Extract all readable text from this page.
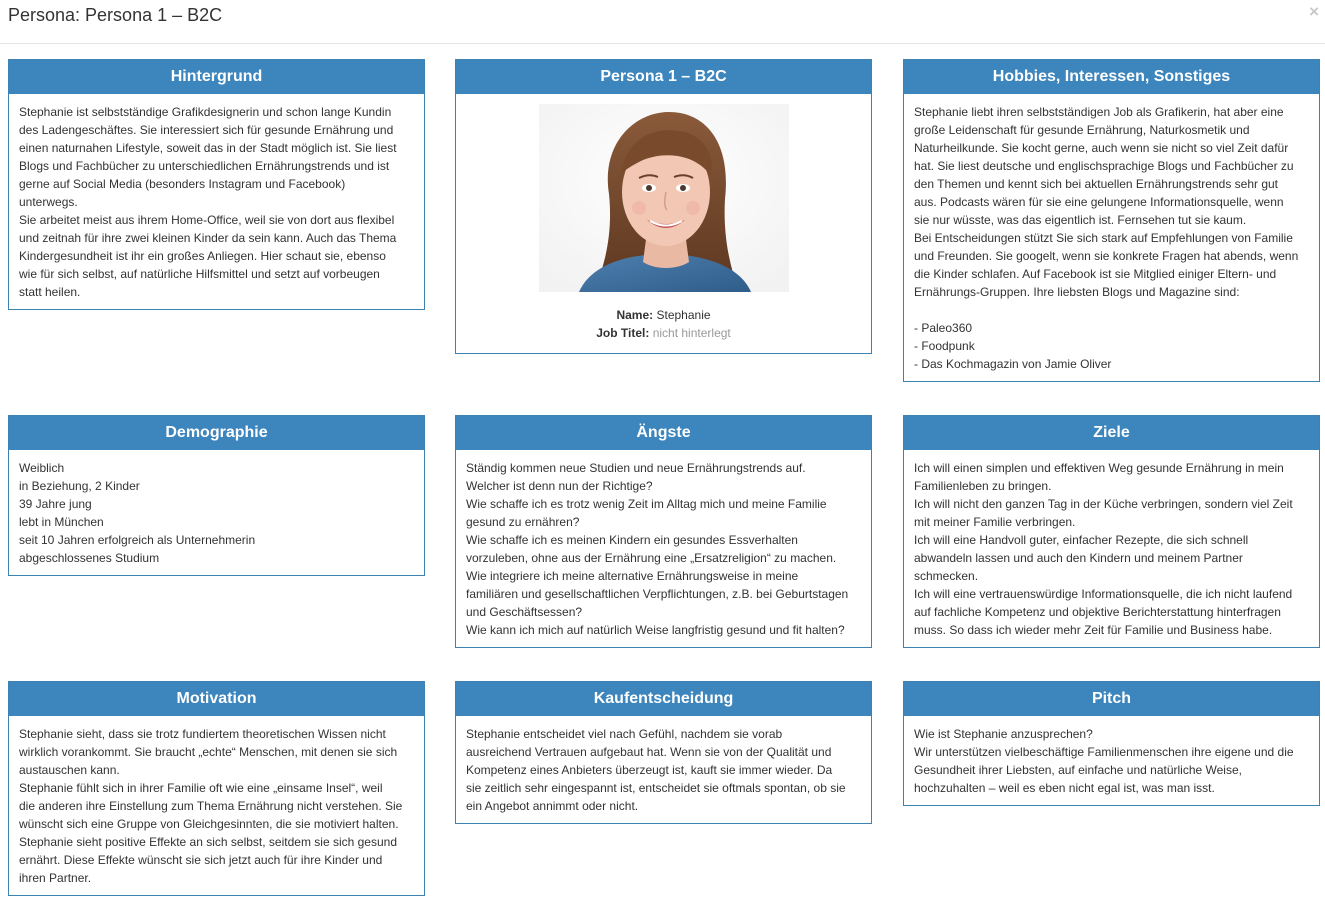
Persona: Persona 1 – B2C	×
Hintergrund
Stephanie ist selbstständige Grafikdesignerin und schon lange Kundin
des Ladengeschäftes. Sie interessiert sich für gesunde Ernährung und
einen naturnahen Lifestyle, soweit das in der Stadt möglich ist. Sie liest
Blogs und Fachbücher zu unterschiedlichen Ernährungstrends und ist
gerne auf Social Media (besonders Instagram und Facebook)
unterwegs.
Sie arbeitet meist aus ihrem Home-Office, weil sie von dort aus flexibel
und zeitnah für ihre zwei kleinen Kinder da sein kann. Auch das Thema
Kindergesundheit ist ihr ein großes Anliegen. Hier schaut sie, ebenso
wie für sich selbst, auf natürliche Hilfsmittel und setzt auf vorbeugen
statt heilen.
Persona 1 – B2C
Name: Stephanie
Job Titel: nicht hinterlegt
Hobbies, Interessen, Sonstiges
Stephanie liebt ihren selbstständigen Job als Grafikerin, hat aber eine
große Leidenschaft für gesunde Ernährung, Naturkosmetik und
Naturheilkunde. Sie kocht gerne, auch wenn sie nicht so viel Zeit dafür
hat. Sie liest deutsche und englischsprachige Blogs und Fachbücher zu
den Themen und kennt sich bei aktuellen Ernährungstrends sehr gut
aus. Podcasts wären für sie eine gelungene Informationsquelle, wenn
sie nur wüsste, was das eigentlich ist. Fernsehen tut sie kaum.
Bei Entscheidungen stützt Sie sich stark auf Empfehlungen von Familie
und Freunden. Sie googelt, wenn sie konkrete Fragen hat abends, wenn
die Kinder schlafen. Auf Facebook ist sie Mitglied einiger Eltern- und
Ernährungs-Gruppen. Ihre liebsten Blogs und Magazine sind:
- Paleo360
- Foodpunk
- Das Kochmagazin von Jamie Oliver
Demographie
Weiblich
in Beziehung, 2 Kinder
39 Jahre jung
lebt in München
seit 10 Jahren erfolgreich als Unternehmerin
abgeschlossenes Studium
Ängste
Ständig kommen neue Studien und neue Ernährungstrends auf.
Welcher ist denn nun der Richtige?
Wie schaffe ich es trotz wenig Zeit im Alltag mich und meine Familie
gesund zu ernähren?
Wie schaffe ich es meinen Kindern ein gesundes Essverhalten
vorzuleben, ohne aus der Ernährung eine „Ersatzreligion“ zu machen.
Wie integriere ich meine alternative Ernährungsweise in meine
familiären und gesellschaftlichen Verpflichtungen, z.B. bei Geburtstagen
und Geschäftsessen?
Wie kann ich mich auf natürlich Weise langfristig gesund und fit halten?
Ziele
Ich will einen simplen und effektiven Weg gesunde Ernährung in mein
Familienleben zu bringen.
Ich will nicht den ganzen Tag in der Küche verbringen, sondern viel Zeit
mit meiner Familie verbringen.
Ich will eine Handvoll guter, einfacher Rezepte, die sich schnell
abwandeln lassen und auch den Kindern und meinem Partner
schmecken.
Ich will eine vertrauenswürdige Informationsquelle, die ich nicht laufend
auf fachliche Kompetenz und objektive Berichterstattung hinterfragen
muss. So dass ich wieder mehr Zeit für Familie und Business habe.
Motivation
Stephanie sieht, dass sie trotz fundiertem theoretischen Wissen nicht
wirklich vorankommt. Sie braucht „echte“ Menschen, mit denen sie sich
austauschen kann.
Stephanie fühlt sich in ihrer Familie oft wie eine „einsame Insel“, weil
die anderen ihre Einstellung zum Thema Ernährung nicht verstehen. Sie
wünscht sich eine Gruppe von Gleichgesinnten, die sie motiviert halten.
Stephanie sieht positive Effekte an sich selbst, seitdem sie sich gesund
ernährt. Diese Effekte wünscht sie sich jetzt auch für ihre Kinder und
ihren Partner.
Kaufentscheidung
Stephanie entscheidet viel nach Gefühl, nachdem sie vorab
ausreichend Vertrauen aufgebaut hat. Wenn sie von der Qualität und
Kompetenz eines Anbieters überzeugt ist, kauft sie immer wieder. Da
sie zeitlich sehr eingespannt ist, entscheidet sie oftmals spontan, ob sie
ein Angebot annimmt oder nicht.
Pitch
Wie ist Stephanie anzusprechen?
Wir unterstützen vielbeschäftige Familienmenschen ihre eigene und die
Gesundheit ihrer Liebsten, auf einfache und natürliche Weise,
hochzuhalten – weil es eben nicht egal ist, was man isst.
